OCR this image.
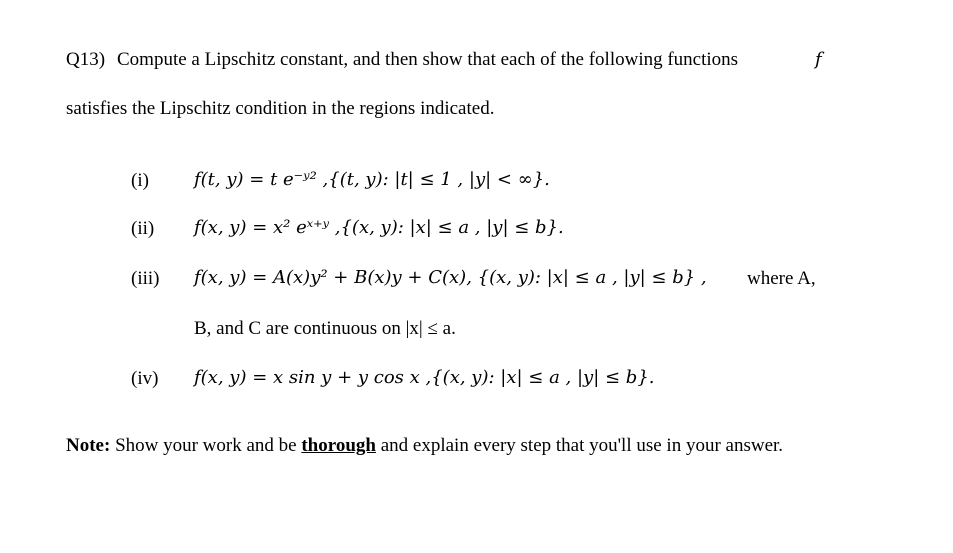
Q13) Compute a Lipschitz constant, and then show that each of the following functions	f
satisfies the Lipschitz condition in the regions indicated.
(i)	f(t, y) = t e⁻ʸ² ,{(t, y): |t| ≤ 1 , |y| < ∞}.
(ii) f(x, y) = x² eˣ⁺ʸ ,{(x, y): |x| ≤ a , |y| ≤ b}.
(iii) f(x, y) = A(x)y² + B(x)y + C(x), {(x, y): |x| ≤ a , |y| ≤ b} , where A,
B, and C are continuous on |x| ≤ a.
(iv) f(x, y) = x sin y + y cos x ,{(x, y): |x| ≤ a , |y| ≤ b}.
Note: Show your work and be thorough and explain every step that you'll use in your answer.
